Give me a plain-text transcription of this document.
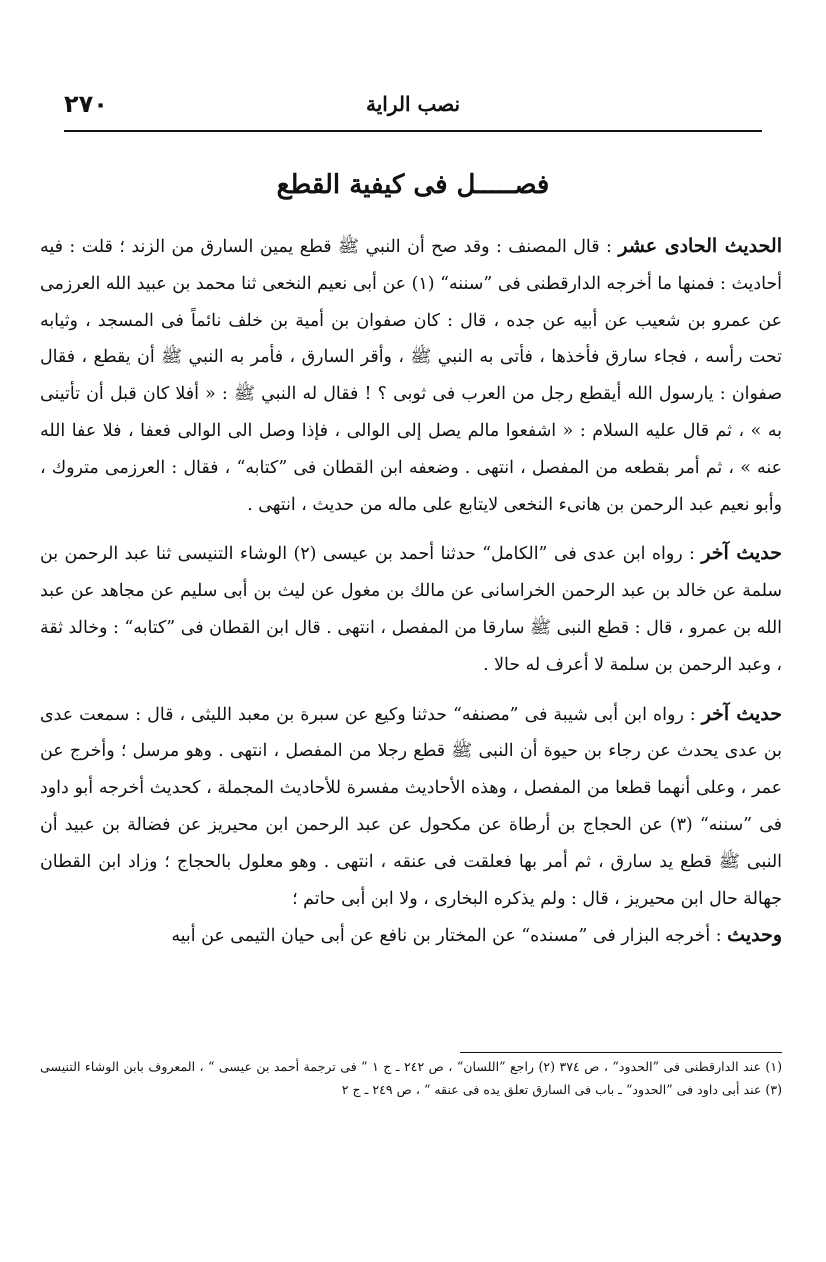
٢٧٠	نصب الراية
فصـــــل فى كيفية القطع

الحديث الحادى عشر : قال المصنف : وقد صح أن النبي ﷺ قطع يمين السارق من الزند ؛ قلت : فيه أحاديث : فمنها ما أخرجه الدارقطنى فى ”سننه“ (١) عن أبى نعيم النخعى ثنا محمد بن عبيد الله العرزمى عن عمرو بن شعيب عن أبيه عن جده ، قال : كان صفوان بن أمية بن خلف نائماً فى المسجد ، وثيابه تحت رأسه ، فجاء سارق فأخذها ، فأتى به النبي ﷺ ، وأقر السارق ، فأمر به النبي ﷺ أن يقطع ، فقال صفوان : يارسول الله أيقطع رجل من العرب فى ثوبى ؟ ! فقال له النبي ﷺ : « أفلا كان قبل أن تأتينى به » ، ثم قال عليه السلام : « اشفعوا مالم يصل إلى الوالى ، فإذا وصل الى الوالى فعفا ، فلا عفا الله عنه » ، ثم أمر بقطعه من المفصل ، انتهى . وضعفه ابن القطان فى ”كتابه“ ، فقال : العرزمى متروك ، وأبو نعيم عبد الرحمن بن هانىء النخعى لايتابع على ماله من حديث ، انتهى .

حديث آخر : رواه ابن عدى فى ”الكامل“ حدثنا أحمد بن عيسى (٢) الوشاء التنيسى ثنا عبد الرحمن بن سلمة عن خالد بن عبد الرحمن الخراسانى عن مالك بن مغول عن ليث بن أبى سليم عن مجاهد عن عبد الله بن عمرو ، قال : قطع النبى ﷺ سارقا من المفصل ، انتهى . قال ابن القطان فى ”كتابه“ : وخالد ثقة ، وعبد الرحمن بن سلمة لا أعرف له حالا .

حديث آخر : رواه ابن أبى شيبة فى ”مصنفه“ حدثنا وكيع عن سبرة بن معبد الليثى ، قال : سمعت عدى بن عدى يحدث عن رجاء بن حيوة أن النبى ﷺ قطع رجلا من المفصل ، انتهى . وهو مرسل ؛ وأخرج عن عمر ، وعلى أنهما قطعا من المفصل ، وهذه الأحاديث مفسرة للأحاديث المجملة ، كحديث أخرجه أبو داود فى ”سننه“ (٣) عن الحجاج بن أرطاة عن مكحول عن عبد الرحمن ابن محيريز عن فضالة بن عبيد أن النبى ﷺ قطع يد سارق ، ثم أمر بها فعلقت فى عنقه ، انتهى . وهو معلول بالحجاج ؛ وزاد ابن القطان جهالة حال ابن محيريز ، قال : ولم يذكره البخارى ، ولا ابن أبى حاتم ؛

وحديث : أخرجه البزار فى ”مسنده“ عن المختار بن نافع عن أبى حيان التيمى عن أبيه

(١) عند الدارقطنى فى ”الحدود“ ، ص ٣٧٤ (٢) راجع ”اللسان“ ، ص ٢٤٢ ـ ج ١ ” فى ترجمة أحمد بن عيسى “ ، المعروف بابن الوشاء التنيسى (٣) عند أبى داود فى ”الحدود“ ـ باب فى السارق تعلق يده فى عنقه “ ، ص ٢٤٩ ـ ج ٢
